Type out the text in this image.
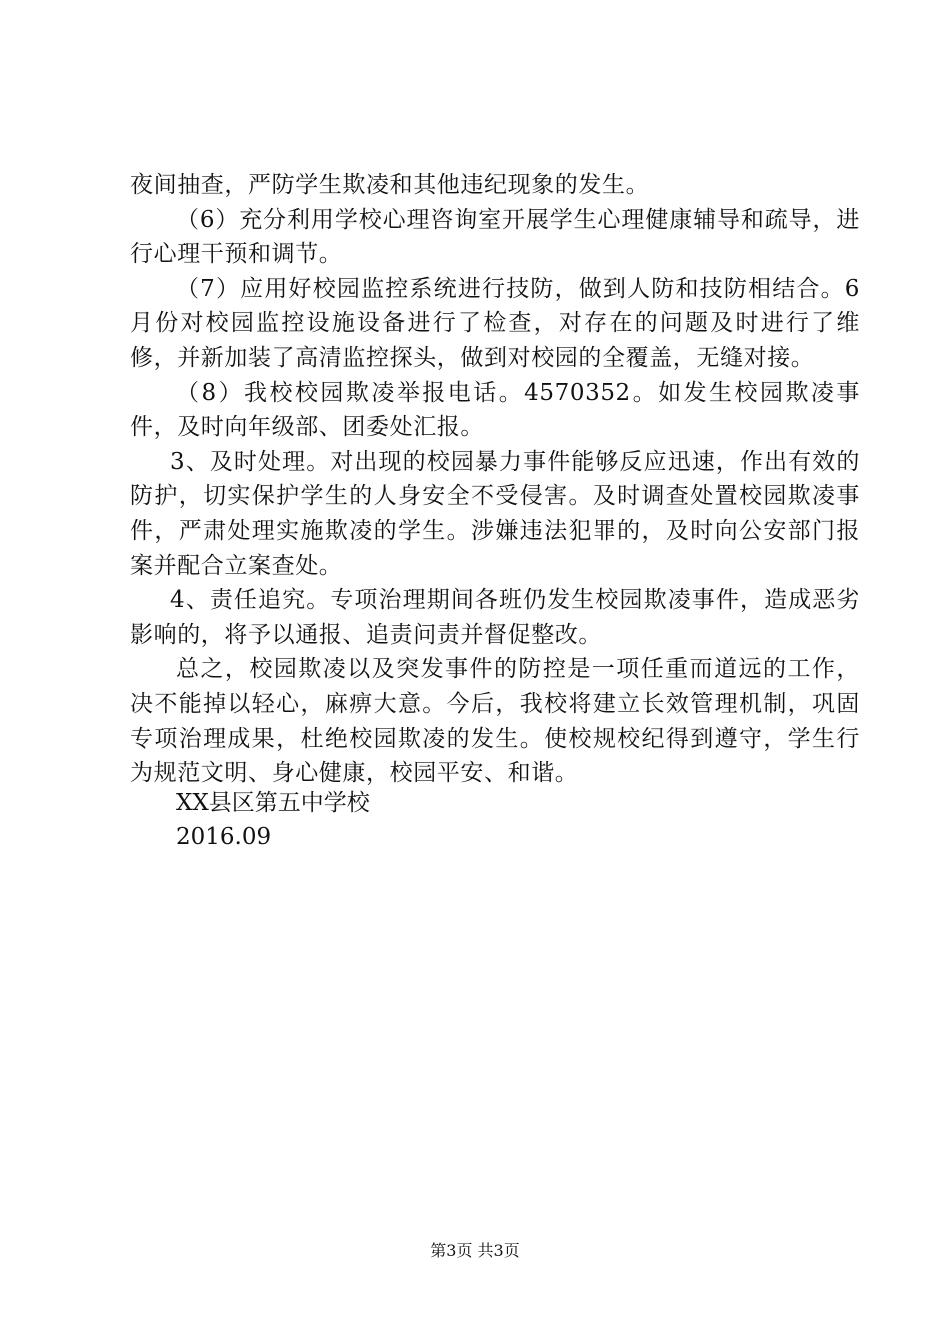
夜间抽查，严防学生欺凌和其他违纪现象的发生。

（6）充分利用学校心理咨询室开展学生心理健康辅导和疏导，进行心理干预和调节。

（7）应用好校园监控系统进行技防，做到人防和技防相结合。6月份对校园监控设施设备进行了检查，对存在的问题及时进行了维修，并新加装了高清监控探头，做到对校园的全覆盖，无缝对接。

（8）我校校园欺凌举报电话。4570352。如发生校园欺凌事件，及时向年级部、团委处汇报。

3、及时处理。对出现的校园暴力事件能够反应迅速，作出有效的防护，切实保护学生的人身安全不受侵害。及时调查处置校园欺凌事件，严肃处理实施欺凌的学生。涉嫌违法犯罪的，及时向公安部门报案并配合立案查处。

4、责任追究。专项治理期间各班仍发生校园欺凌事件，造成恶劣影响的，将予以通报、追责问责并督促整改。

总之，校园欺凌以及突发事件的防控是一项任重而道远的工作，决不能掉以轻心，麻痹大意。今后，我校将建立长效管理机制，巩固专项治理成果，杜绝校园欺凌的发生。使校规校纪得到遵守，学生行为规范文明、身心健康，校园平安、和谐。

XX县区第五中学校
2016.09
第3页 共3页
